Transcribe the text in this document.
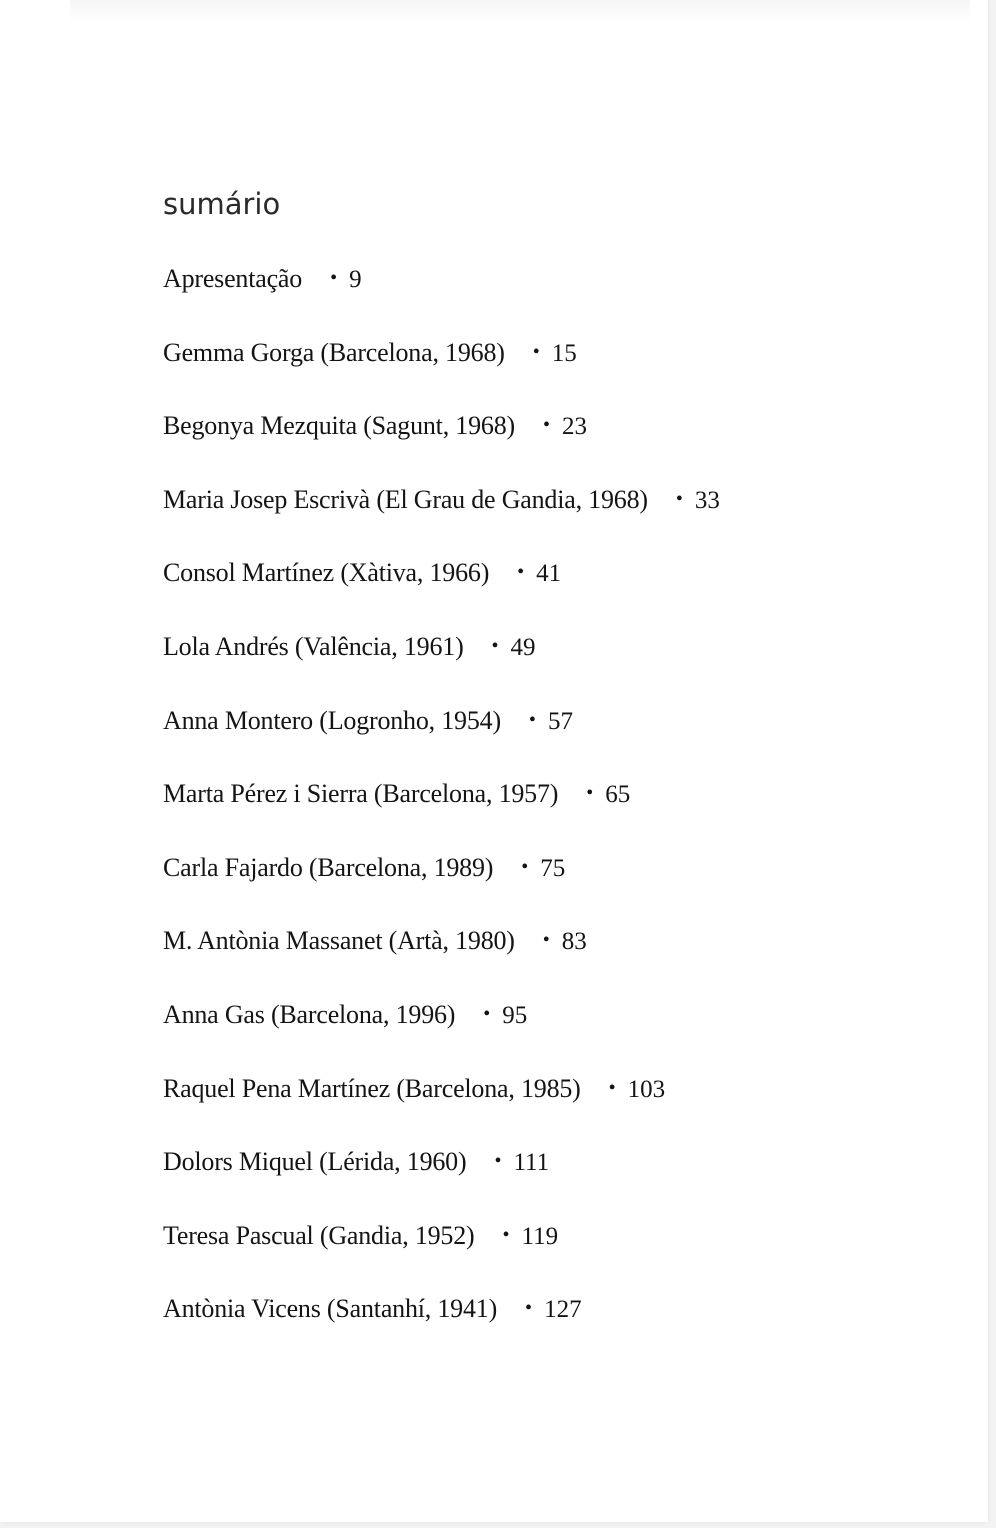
sumário
Apresentação • 9
Gemma Gorga (Barcelona, 1968) • 15
Begonya Mezquita (Sagunt, 1968) • 23
Maria Josep Escrivà (El Grau de Gandia, 1968) • 33
Consol Martínez (Xàtiva, 1966) • 41
Lola Andrés (Valência, 1961) • 49
Anna Montero (Logronho, 1954) • 57
Marta Pérez i Sierra (Barcelona, 1957) • 65
Carla Fajardo (Barcelona, 1989) • 75
M. Antònia Massanet (Artà, 1980) • 83
Anna Gas (Barcelona, 1996) • 95
Raquel Pena Martínez (Barcelona, 1985) • 103
Dolors Miquel (Lérida, 1960) • 111
Teresa Pascual (Gandia, 1952) • 119
Antònia Vicens (Santanhí, 1941) • 127
